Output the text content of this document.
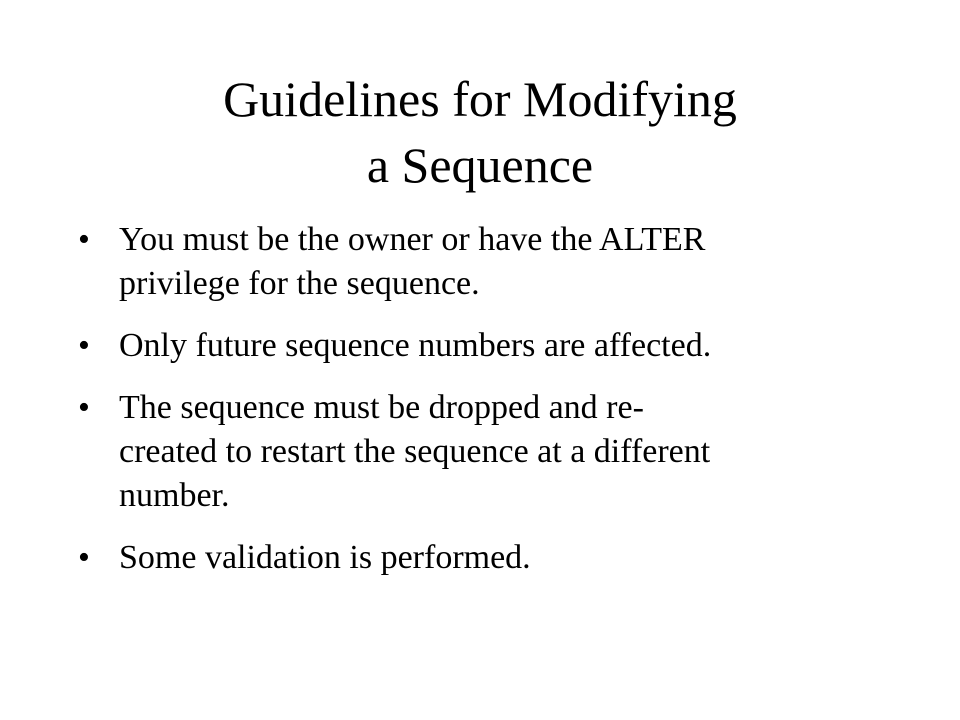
Guidelines for Modifying
a Sequence
• You must be the owner or have the ALTER
privilege for the sequence.
• Only future sequence numbers are affected.
• The sequence must be dropped and re-
created to restart the sequence at a different
number.
• Some validation is performed.
